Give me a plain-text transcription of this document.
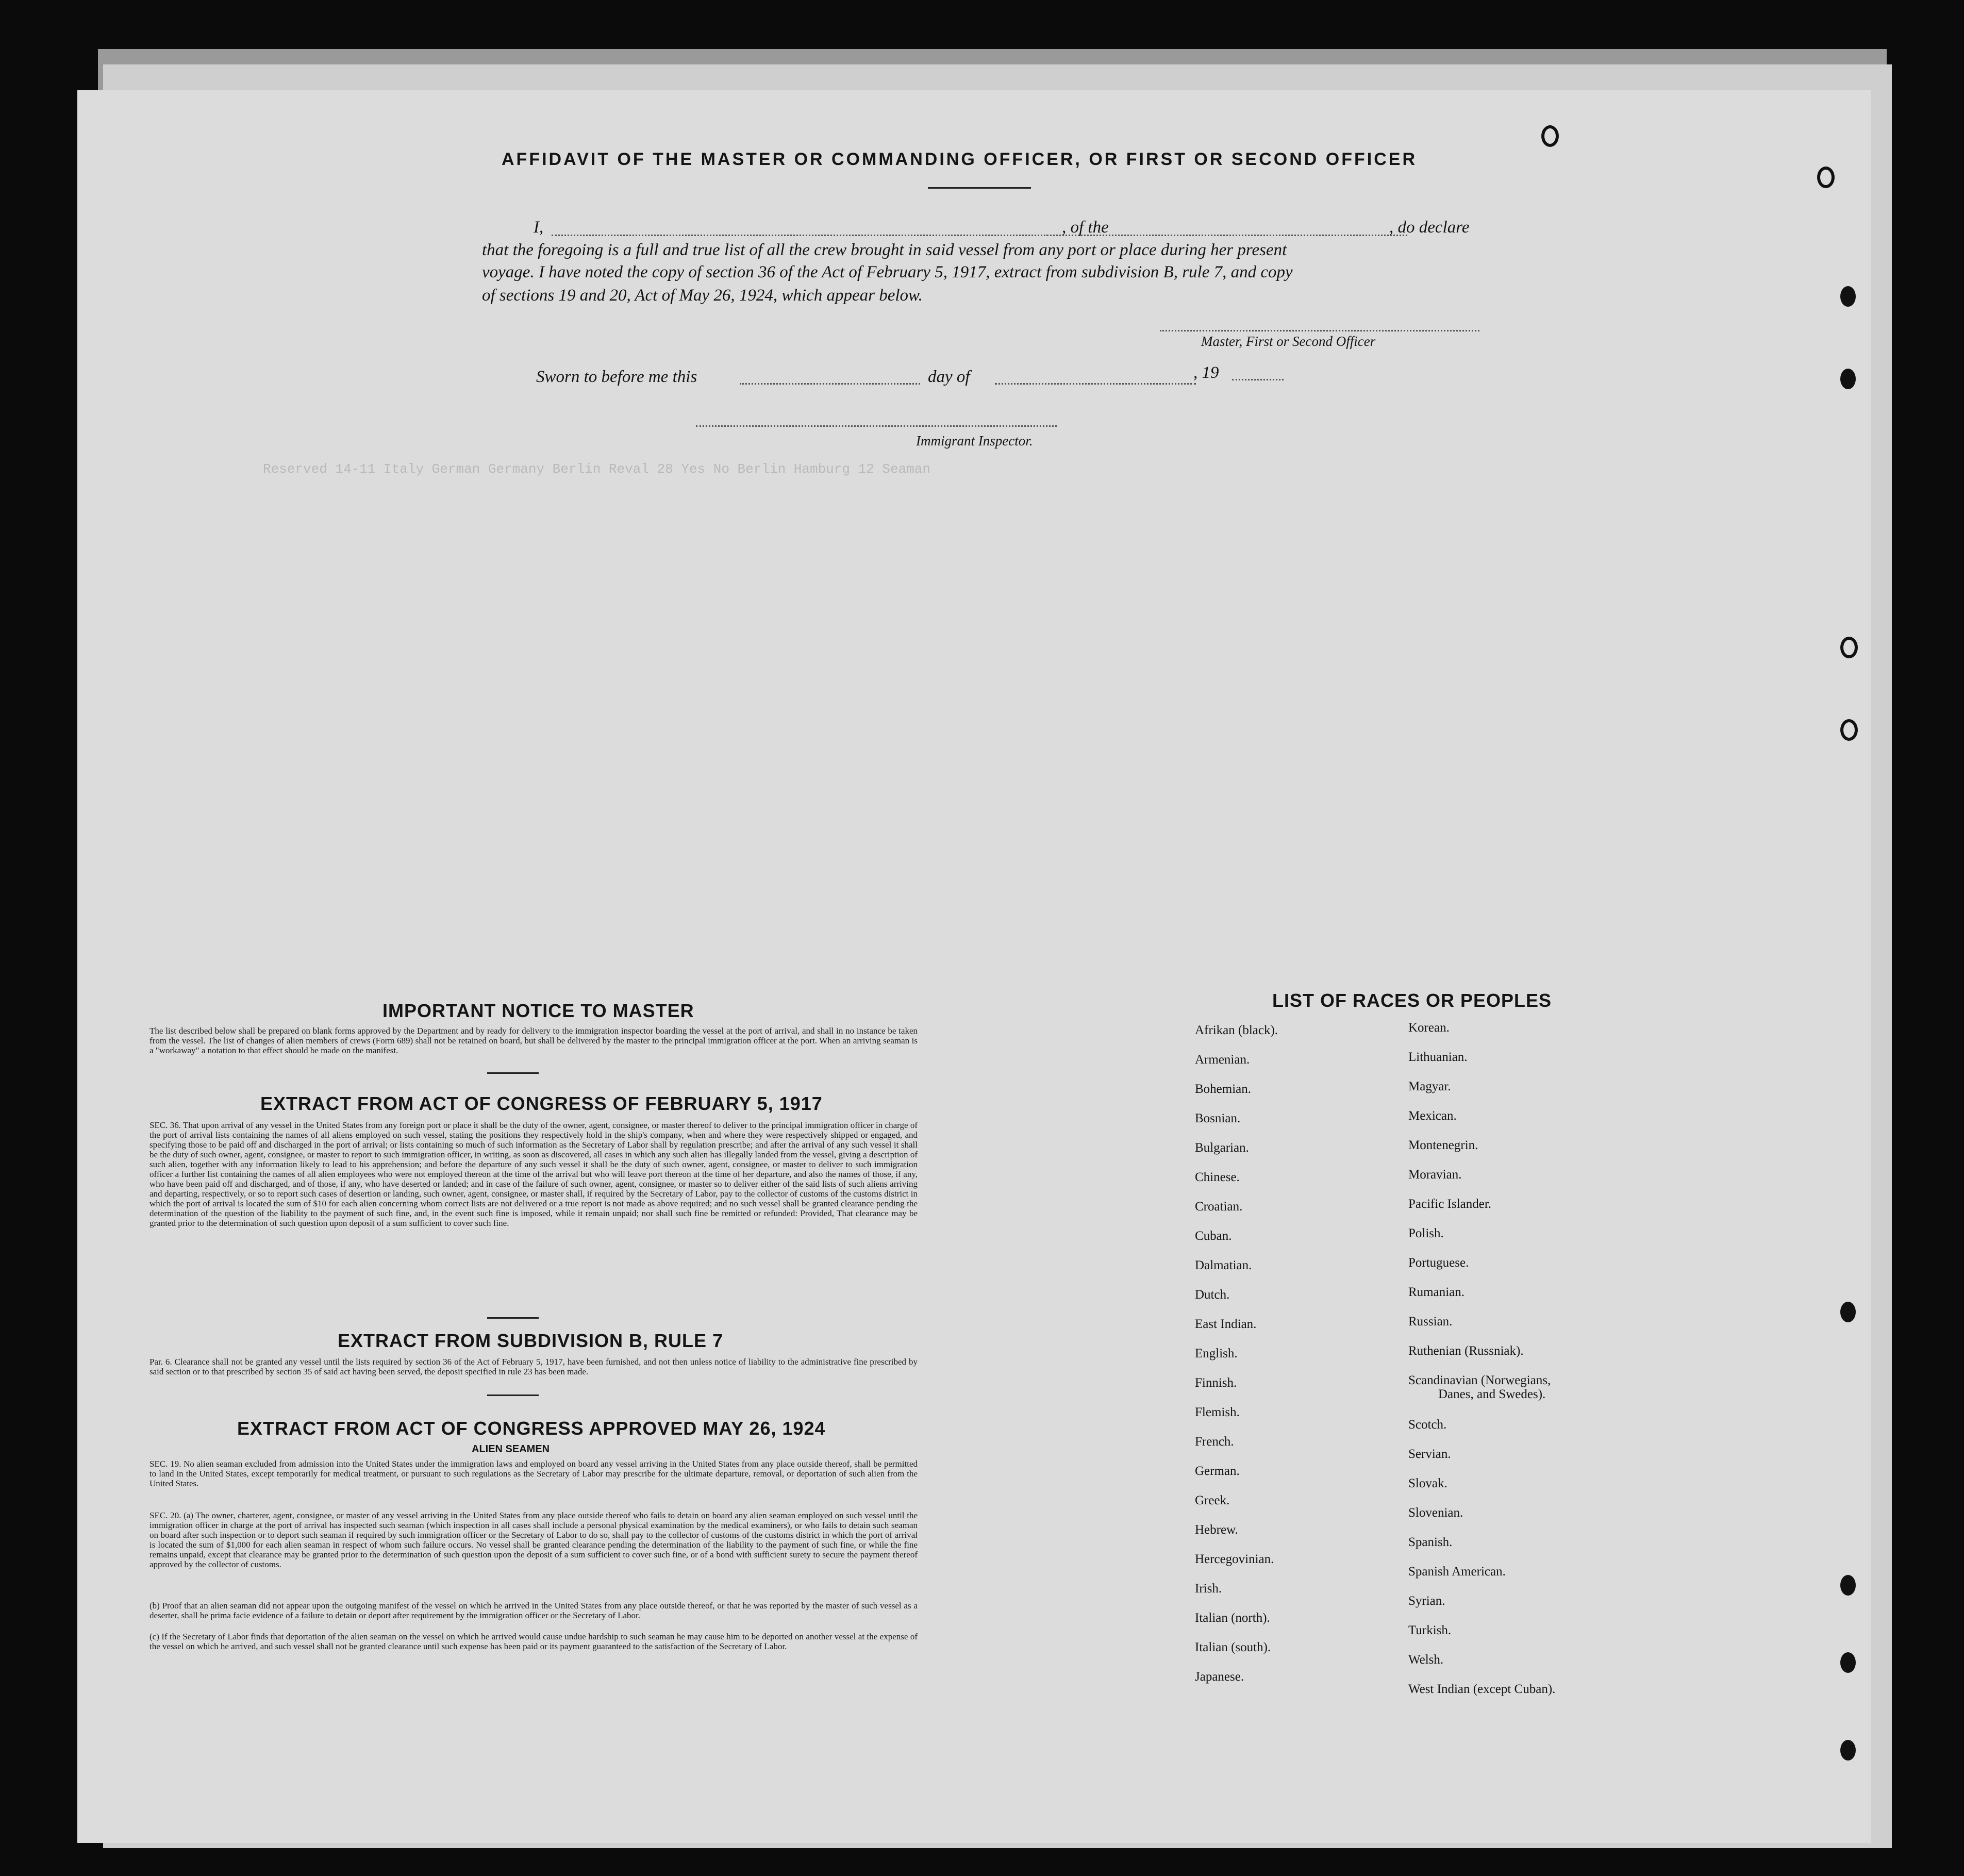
Reserved 14-11 Italy German Germany Berlin Reval 28 Yes No Berlin Hamburg 12 Seaman
AFFIDAVIT OF THE MASTER OR COMMANDING OFFICER, OR FIRST OR SECOND OFFICER
I,	, of the	, do declare
that the foregoing is a full and true list of all the crew brought in said vessel from any port or place during her present
voyage. I have noted the copy of section 36 of the Act of February 5, 1917, extract from subdivision B, rule 7, and copy
of sections 19 and 20, Act of May 26, 1924, which appear below.
Master, First or Second Officer
Sworn to before me this	day of	, 19
Immigrant Inspector.
IMPORTANT NOTICE TO MASTER
The list described below shall be prepared on blank forms approved by the Department and by ready for delivery to the immigration inspector boarding the vessel at the port of arrival, and shall in no instance be taken from the vessel. The list of changes of alien members of crews (Form 689) shall not be retained on board, but shall be delivered by the master to the principal immigration officer at the port. When an arriving seaman is a "workaway" a notation to that effect should be made on the manifest.
EXTRACT FROM ACT OF CONGRESS OF FEBRUARY 5, 1917
SEC. 36. That upon arrival of any vessel in the United States from any foreign port or place it shall be the duty of the owner, agent, consignee, or master thereof to deliver to the principal immigration officer in charge of the port of arrival lists containing the names of all aliens employed on such vessel, stating the positions they respectively hold in the ship's company, when and where they were respectively shipped or engaged, and specifying those to be paid off and discharged in the port of arrival; or lists containing so much of such information as the Secretary of Labor shall by regulation prescribe; and after the arrival of any such vessel it shall be the duty of such owner, agent, consignee, or master to report to such immigration officer, in writing, as soon as discovered, all cases in which any such alien has illegally landed from the vessel, giving a description of such alien, together with any information likely to lead to his apprehension; and before the departure of any such vessel it shall be the duty of such owner, agent, consignee, or master to deliver to such immigration officer a further list containing the names of all alien employees who were not employed thereon at the time of the arrival but who will leave port thereon at the time of her departure, and also the names of those, if any, who have been paid off and discharged, and of those, if any, who have deserted or landed; and in case of the failure of such owner, agent, consignee, or master so to deliver either of the said lists of such aliens arriving and departing, respectively, or so to report such cases of desertion or landing, such owner, agent, consignee, or master shall, if required by the Secretary of Labor, pay to the collector of customs of the customs district in which the port of arrival is located the sum of $10 for each alien concerning whom correct lists are not delivered or a true report is not made as above required; and no such vessel shall be granted clearance pending the determination of the question of the liability to the payment of such fine, and, in the event such fine is imposed, while it remain unpaid; nor shall such fine be remitted or refunded: Provided, That clearance may be granted prior to the determination of such question upon deposit of a sum sufficient to cover such fine.
EXTRACT FROM SUBDIVISION B, RULE 7
Par. 6. Clearance shall not be granted any vessel until the lists required by section 36 of the Act of February 5, 1917, have been furnished, and not then unless notice of liability to the administrative fine prescribed by said section or to that prescribed by section 35 of said act having been served, the deposit specified in rule 23 has been made.
EXTRACT FROM ACT OF CONGRESS APPROVED MAY 26, 1924
ALIEN SEAMEN
SEC. 19. No alien seaman excluded from admission into the United States under the immigration laws and employed on board any vessel arriving in the United States from any place outside thereof, shall be permitted to land in the United States, except temporarily for medical treatment, or pursuant to such regulations as the Secretary of Labor may prescribe for the ultimate departure, removal, or deportation of such alien from the United States.
SEC. 20. (a) The owner, charterer, agent, consignee, or master of any vessel arriving in the United States from any place outside thereof who fails to detain on board any alien seaman employed on such vessel until the immigration officer in charge at the port of arrival has inspected such seaman (which inspection in all cases shall include a personal physical examination by the medical examiners), or who fails to detain such seaman on board after such inspection or to deport such seaman if required by such immigration officer or the Secretary of Labor to do so, shall pay to the collector of customs of the customs district in which the port of arrival is located the sum of $1,000 for each alien seaman in respect of whom such failure occurs. No vessel shall be granted clearance pending the determination of the liability to the payment of such fine, or while the fine remains unpaid, except that clearance may be granted prior to the determination of such question upon the deposit of a sum sufficient to cover such fine, or of a bond with sufficient surety to secure the payment thereof approved by the collector of customs.
(b) Proof that an alien seaman did not appear upon the outgoing manifest of the vessel on which he arrived in the United States from any place outside thereof, or that he was reported by the master of such vessel as a deserter, shall be prima facie evidence of a failure to detain or deport after requirement by the immigration officer or the Secretary of Labor.
(c) If the Secretary of Labor finds that deportation of the alien seaman on the vessel on which he arrived would cause undue hardship to such seaman he may cause him to be deported on another vessel at the expense of the vessel on which he arrived, and such vessel shall not be granted clearance until such expense has been paid or its payment guaranteed to the satisfaction of the Secretary of Labor.
LIST OF RACES OR PEOPLES
Afrikan (black).
Armenian.
Bohemian.
Bosnian.
Bulgarian.
Chinese.
Croatian.
Cuban.
Dalmatian.
Dutch.
East Indian.
English.
Finnish.
Flemish.
French.
German.
Greek.
Hebrew.
Hercegovinian.
Irish.
Italian (north).
Italian (south).
Japanese.
Korean.
Lithuanian.
Magyar.
Mexican.
Montenegrin.
Moravian.
Pacific Islander.
Polish.
Portuguese.
Rumanian.
Russian.
Ruthenian (Russniak).
Scandinavian (Norwegians,
Danes, and Swedes).
Scotch.
Servian.
Slovak.
Slovenian.
Spanish.
Spanish American.
Syrian.
Turkish.
Welsh.
West Indian (except Cuban).
